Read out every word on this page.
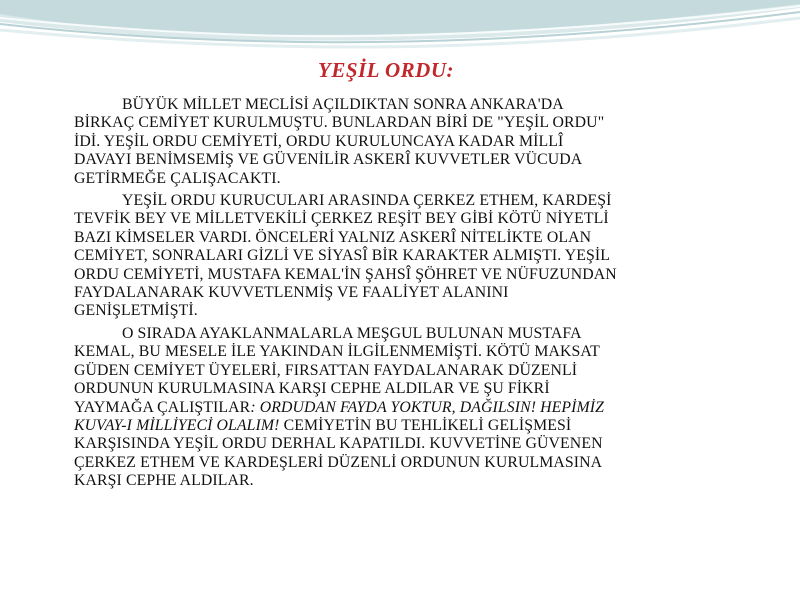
YEŞİL ORDU:

BÜYÜK MİLLET MECLİSİ AÇILDIKTAN SONRA ANKARA'DA
BİRKAÇ CEMİYET KURULMUŞTU. BUNLARDAN BİRİ DE "YEŞİL ORDU"
İDİ. YEŞİL ORDU CEMİYETİ, ORDU KURULUNCAYA KADAR MİLLÎ
DAVAYI BENİMSEMİŞ VE GÜVENİLİR ASKERÎ KUVVETLER VÜCUDA
GETİRMEĞE ÇALIŞACAKTI.

YEŞİL ORDU KURUCULARI ARASINDA ÇERKEZ ETHEM, KARDEŞİ
TEVFİK BEY VE MİLLETVEKİLİ ÇERKEZ REŞİT BEY GİBİ KÖTÜ NİYETLİ
BAZI KİMSELER VARDI. ÖNCELERİ YALNIZ ASKERÎ NİTELİKTE OLAN
CEMİYET, SONRALARI GİZLİ VE SİYASÎ BİR KARAKTER ALMIŞTI. YEŞİL
ORDU CEMİYETİ, MUSTAFA KEMAL'İN ŞAHSÎ ŞÖHRET VE NÜFUZUNDAN
FAYDALANARAK KUVVETLENMİŞ VE FAALİYET ALANINI
GENİŞLETMİŞTİ.

O SIRADA AYAKLANMALARLA MEŞGUL BULUNAN MUSTAFA
KEMAL, BU MESELE İLE YAKINDAN İLGİLENMEMİŞTİ. KÖTÜ MAKSAT
GÜDEN CEMİYET ÜYELERİ, FIRSATTAN FAYDALANARAK DÜZENLİ
ORDUNUN KURULMASINA KARŞI CEPHE ALDILAR VE ŞU FİKRİ
YAYMAĞA ÇALIŞTILAR: ORDUDAN FAYDA YOKTUR, DAĞILSIN! HEPİMİZ
KUVAY-I MİLLİYECİ OLALIM! CEMİYETİN BU TEHLİKELİ GELİŞMESİ
KARŞISINDA YEŞİL ORDU DERHAL KAPATILDI. KUVVETİNE GÜVENEN
ÇERKEZ ETHEM VE KARDEŞLERİ DÜZENLİ ORDUNUN KURULMASINA
KARŞI CEPHE ALDILAR.
